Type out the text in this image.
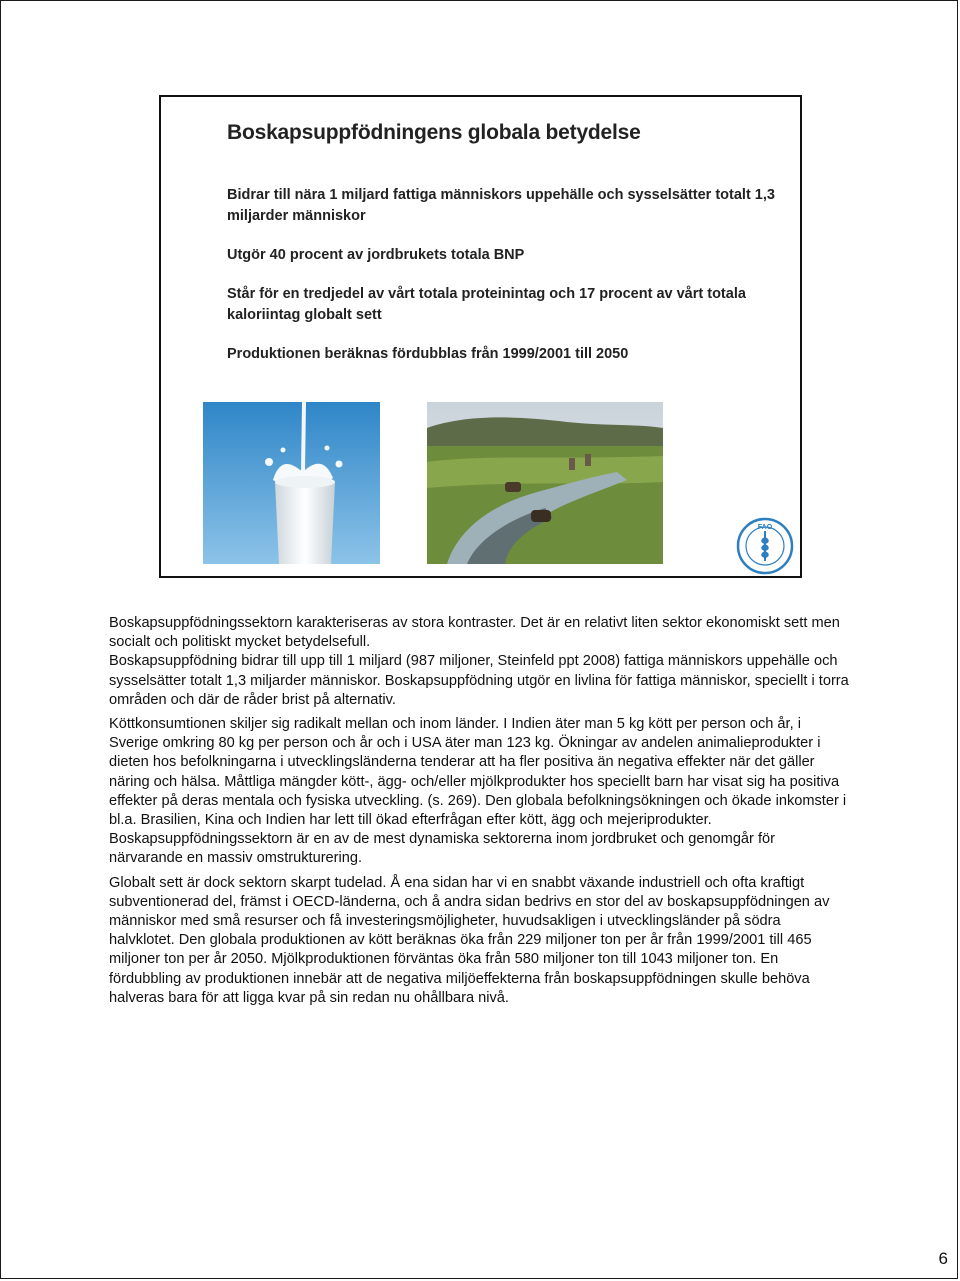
Boskapsuppfödningens globala betydelse

Bidrar till nära 1 miljard fattiga människors uppehälle och sysselsätter totalt 1,3 miljarder människor

Utgör 40 procent av jordbrukets totala BNP

Står för en tredjedel av vårt totala proteinintag och 17 procent av vårt totala kaloriintag globalt sett

Produktionen beräknas fördubblas från 1999/2001 till 2050

FAO

Boskapsuppfödningssektorn karakteriseras av stora kontraster. Det är en relativt liten sektor ekonomiskt sett men socialt och politiskt mycket betydelsefull.

Boskapsuppfödning bidrar till upp till 1 miljard (987 miljoner, Steinfeld ppt 2008) fattiga människors uppehälle och sysselsätter totalt 1,3 miljarder människor. Boskapsuppfödning utgör en livlina för fattiga människor, speciellt i torra områden och där de råder brist på alternativ.

Köttkonsumtionen skiljer sig radikalt mellan och inom länder. I Indien äter man 5 kg kött per person och år, i Sverige omkring 80 kg per person och år och i USA äter man 123 kg. Ökningar av andelen animalieprodukter i dieten hos befolkningarna i utvecklingsländerna tenderar att ha fler positiva än negativa effekter när det gäller näring och hälsa. Måttliga mängder kött-, ägg- och/eller mjölkprodukter hos speciellt barn har visat sig ha positiva effekter på deras mentala och fysiska utveckling. (s. 269). Den globala befolkningsökningen och ökade inkomster i bl.a. Brasilien, Kina och Indien har lett till ökad efterfrågan efter kött, ägg och mejeriprodukter. Boskapsuppfödningssektorn är en av de mest dynamiska sektorerna inom jordbruket och genomgår för närvarande en massiv omstrukturering.

Globalt sett är dock sektorn skarpt tudelad. Å ena sidan har vi en snabbt växande industriell och ofta kraftigt subventionerad del, främst i OECD-länderna, och å andra sidan bedrivs en stor del av boskapsuppfödningen av människor med små resurser och få investeringsmöjligheter, huvudsakligen i utvecklingsländer på södra halvklotet. Den globala produktionen av kött beräknas öka från 229 miljoner ton per år från 1999/2001 till 465 miljoner ton per år 2050. Mjölkproduktionen förväntas öka från 580 miljoner ton till 1043 miljoner ton. En fördubbling av produktionen innebär att de negativa miljöeffekterna från boskapsuppfödningen skulle behöva halveras bara för att ligga kvar på sin redan nu ohållbara nivå.

6
